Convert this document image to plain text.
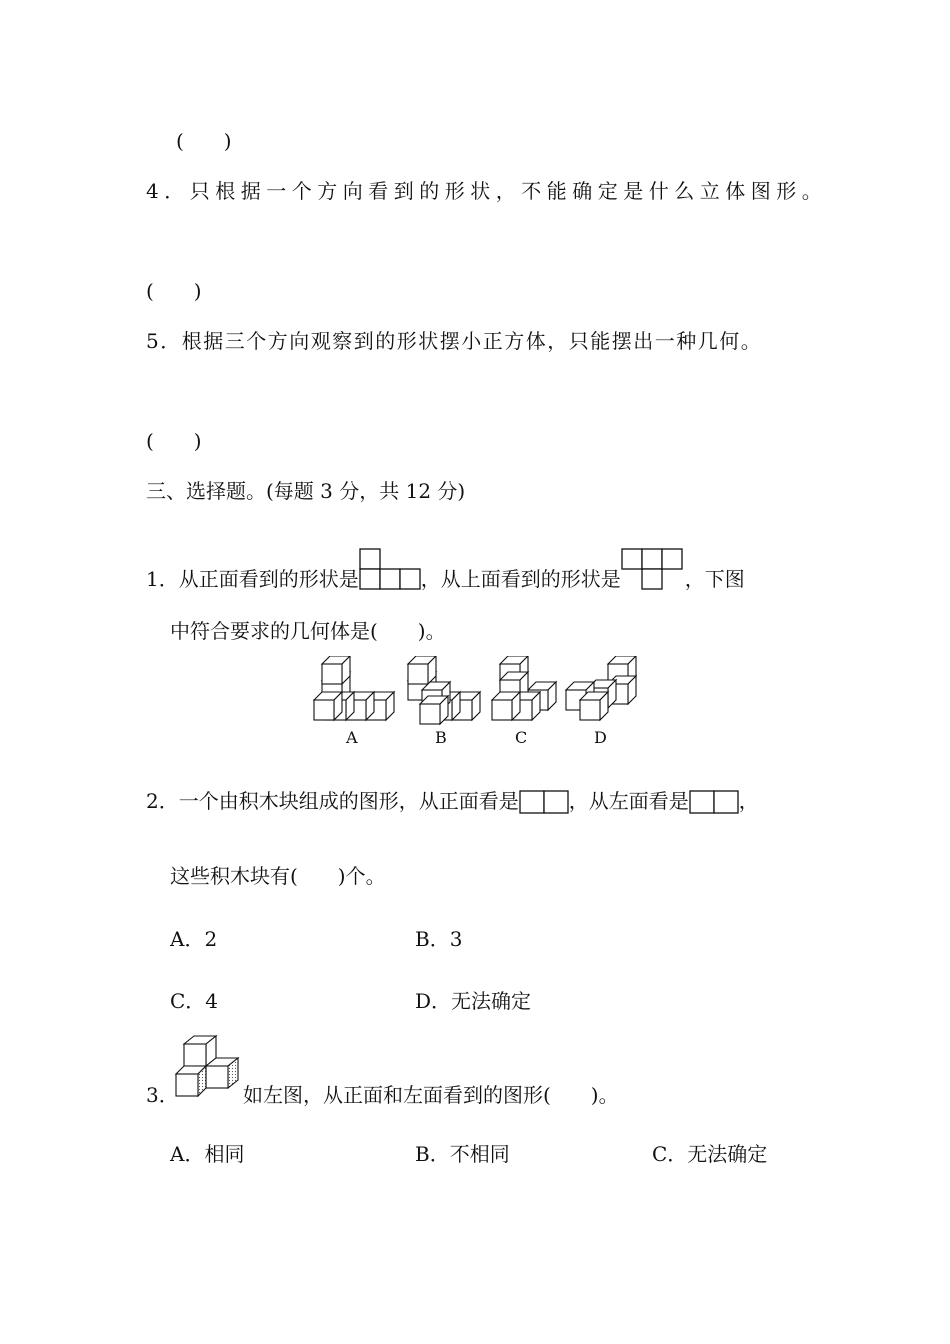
(　　)
4．只根据一个方向看到的形状，不能确定是什么立体图形。
(　　)
5．根据三个方向观察到的形状摆小正方体，只能摆出一种几何。
(　　)
三、选择题。(每题 3 分，共 12 分)
1．从正面看到的形状是	，从上面看到的形状是	，下图
中符合要求的几何体是(　　)。
A	B	C	D
2．一个由积木块组成的图形，从正面看是	，从左面看是	，
这些积木块有(　　)个。
A．2	B．3
C．4	D．无法确定
3．	如左图，从正面和左面看到的图形(　　)。
A．相同	B．不相同	C．无法确定
